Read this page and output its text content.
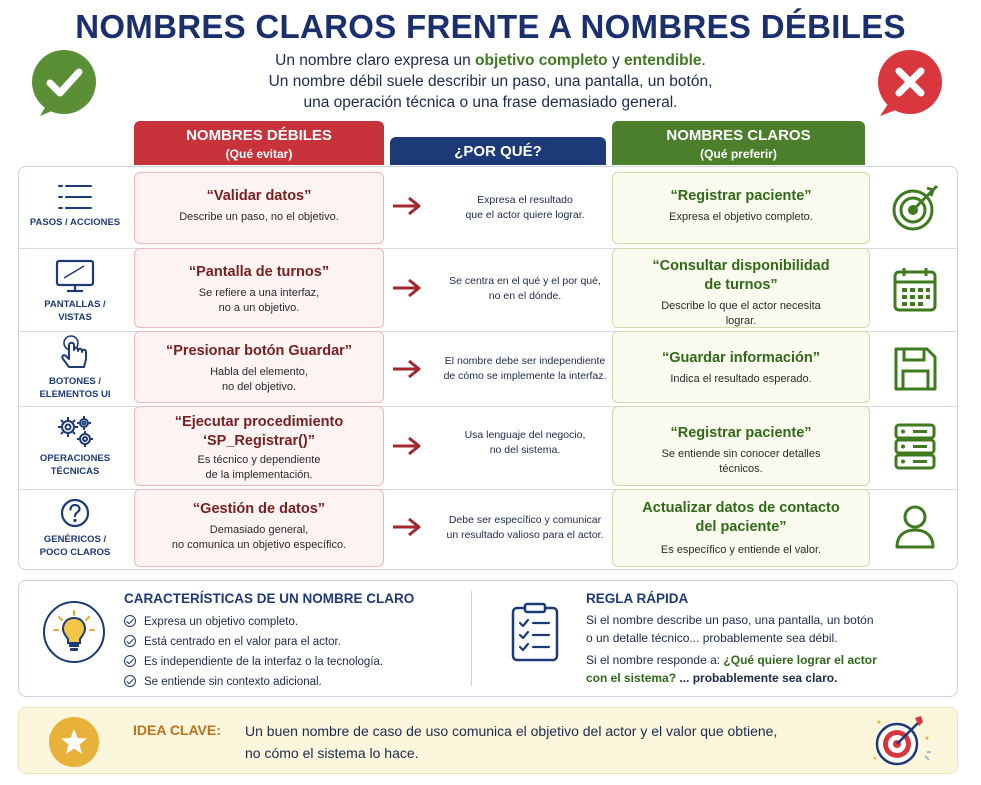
NOMBRES CLAROS FRENTE A NOMBRES DÉBILES
Un nombre claro expresa un objetivo completo y entendible.
Un nombre débil suele describir un paso, una pantalla, un botón,
una operación técnica o una frase demasiado general.
NOMBRES DÉBILES
(Qué evitar)	¿POR QUÉ?
NOMBRES CLAROS
(Qué preferir)
PASOS / ACCIONES
“Validar datos”
Describe un paso, no el objetivo.
Expresa el resultado
que el actor quiere lograr.
“Registrar paciente”
Expresa el objetivo completo.
PANTALLAS /
VISTAS
“Pantalla de turnos”
Se refiere a una interfaz,
no a un objetivo.
Se centra en el qué y el por qué,
no en el dónde.
“Consultar disponibilidad
de turnos”
Describe lo que el actor necesita
lograr.
BOTONES /
ELEMENTOS UI
“Presionar botón Guardar”
Habla del elemento,
no del objetivo.
El nombre debe ser independiente
de cómo se implemente la interfaz.
“Guardar información”
Indica el resultado esperado.
OPERACIONES
TÉCNICAS
“Ejecutar procedimiento
‘SP_Registrar()”
Es técnico y dependiente
de la implementación.
Usa lenguaje del negocio,
no del sistema.
“Registrar paciente”
Se entiende sin conocer detalles
técnicos.
GENÉRICOS /
POCO CLAROS
“Gestión de datos”
Demasiado general,
no comunica un objetivo específico.
Debe ser específico y comunicar
un resultado valioso para el actor.
Actualizar datos de contacto
del paciente”
Es específico y entiende el valor.
CARACTERÍSTICAS DE UN NOMBRE CLARO
Expresa un objetivo completo.
Está centrado en el valor para el actor.
Es independiente de la interfaz o la tecnología.
Se entiende sin contexto adicional.
REGLA RÁPIDA
Si el nombre describe un paso, una pantalla, un botón
o un detalle técnico... probablemente sea débil.
Si el nombre responde a: ¿Qué quiere lograr el actor
con el sistema? ... probablemente sea claro.
IDEA CLAVE: Un buen nombre de caso de uso comunica el objetivo del actor y el valor que obtiene,
no cómo el sistema lo hace.
